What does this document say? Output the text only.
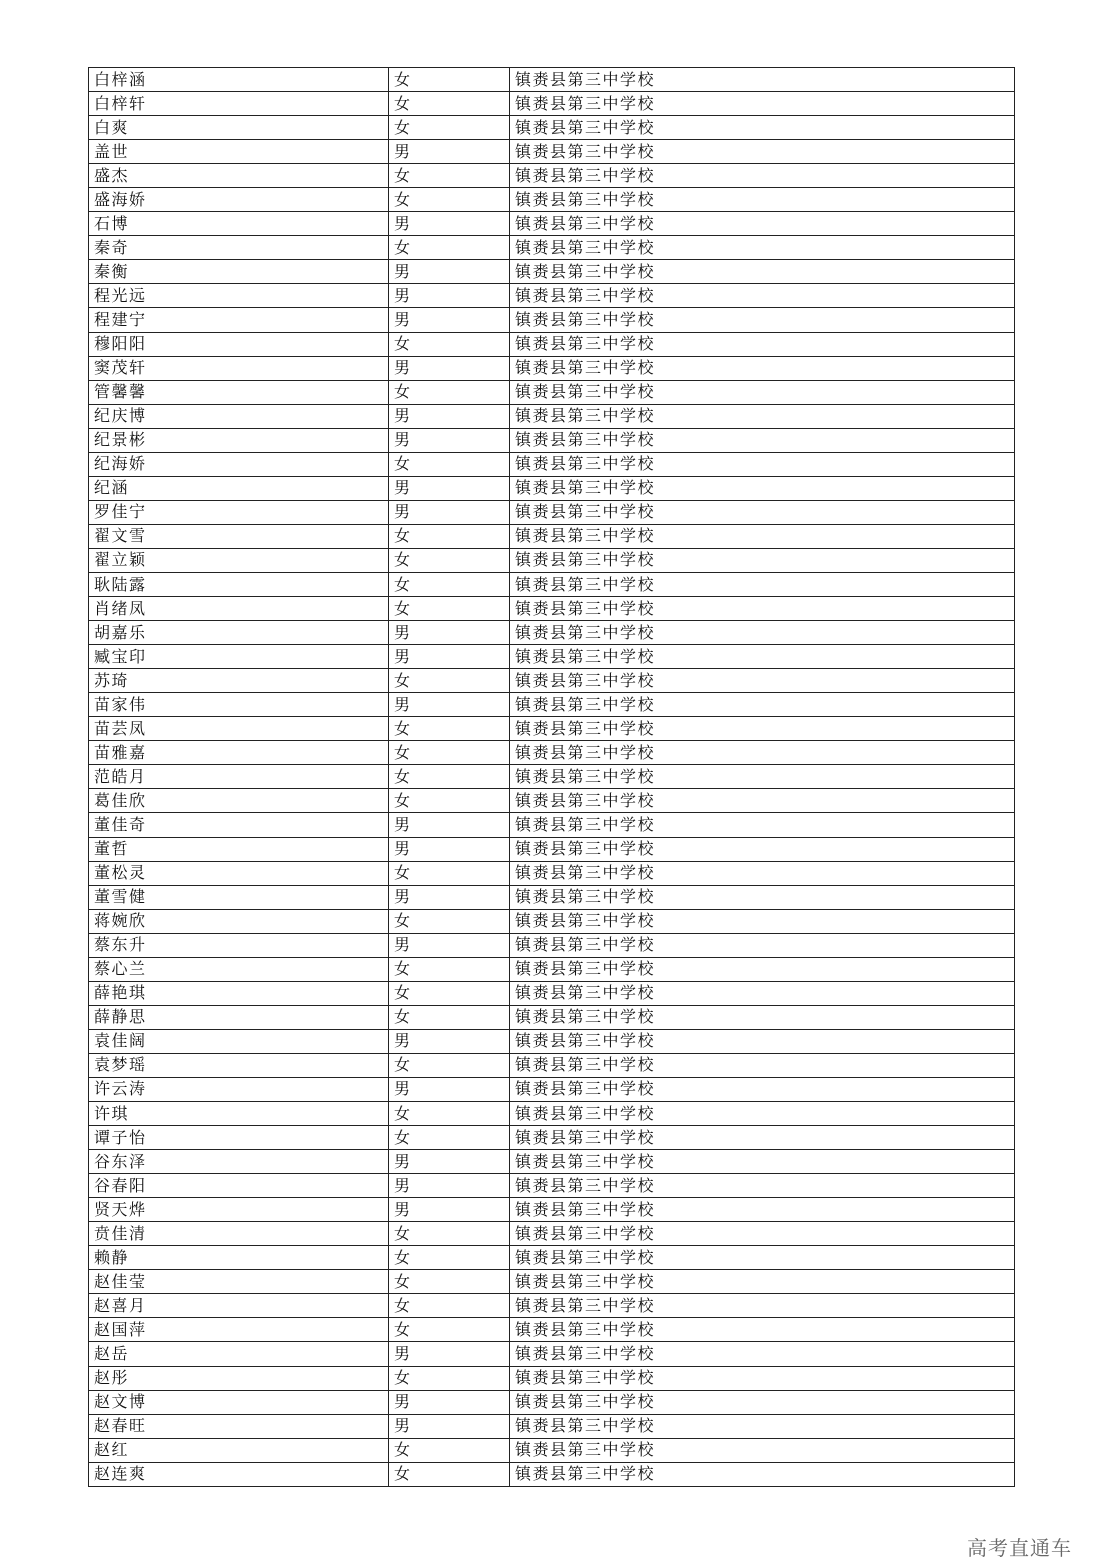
白梓涵	女	镇赉县第三中学校
白梓轩	女	镇赉县第三中学校
白爽	女	镇赉县第三中学校
盖世	男	镇赉县第三中学校
盛杰	女	镇赉县第三中学校
盛海娇	女	镇赉县第三中学校
石博	男	镇赉县第三中学校
秦奇	女	镇赉县第三中学校
秦衡	男	镇赉县第三中学校
程光远	男	镇赉县第三中学校
程建宁	男	镇赉县第三中学校
穆阳阳	女	镇赉县第三中学校
窦茂轩	男	镇赉县第三中学校
管馨馨	女	镇赉县第三中学校
纪庆博	男	镇赉县第三中学校
纪景彬	男	镇赉县第三中学校
纪海娇	女	镇赉县第三中学校
纪涵	男	镇赉县第三中学校
罗佳宁	男	镇赉县第三中学校
翟文雪	女	镇赉县第三中学校
翟立颖	女	镇赉县第三中学校
耿陆露	女	镇赉县第三中学校
肖绪凤	女	镇赉县第三中学校
胡嘉乐	男	镇赉县第三中学校
臧宝印	男	镇赉县第三中学校
苏琦	女	镇赉县第三中学校
苗家伟	男	镇赉县第三中学校
苗芸凤	女	镇赉县第三中学校
苗雅嘉	女	镇赉县第三中学校
范皓月	女	镇赉县第三中学校
葛佳欣	女	镇赉县第三中学校
董佳奇	男	镇赉县第三中学校
董哲	男	镇赉县第三中学校
董松灵	女	镇赉县第三中学校
董雪健	男	镇赉县第三中学校
蒋婉欣	女	镇赉县第三中学校
蔡东升	男	镇赉县第三中学校
蔡心兰	女	镇赉县第三中学校
薛艳琪	女	镇赉县第三中学校
薛静思	女	镇赉县第三中学校
袁佳阔	男	镇赉县第三中学校
袁梦瑶	女	镇赉县第三中学校
许云涛	男	镇赉县第三中学校
许琪	女	镇赉县第三中学校
谭子怡	女	镇赉县第三中学校
谷东泽	男	镇赉县第三中学校
谷春阳	男	镇赉县第三中学校
贤天烨	男	镇赉县第三中学校
贲佳清	女	镇赉县第三中学校
赖静	女	镇赉县第三中学校
赵佳莹	女	镇赉县第三中学校
赵喜月	女	镇赉县第三中学校
赵国萍	女	镇赉县第三中学校
赵岳	男	镇赉县第三中学校
赵彤	女	镇赉县第三中学校
赵文博	男	镇赉县第三中学校
赵春旺	男	镇赉县第三中学校
赵红	女	镇赉县第三中学校
赵连爽	女	镇赉县第三中学校
高考直通车
